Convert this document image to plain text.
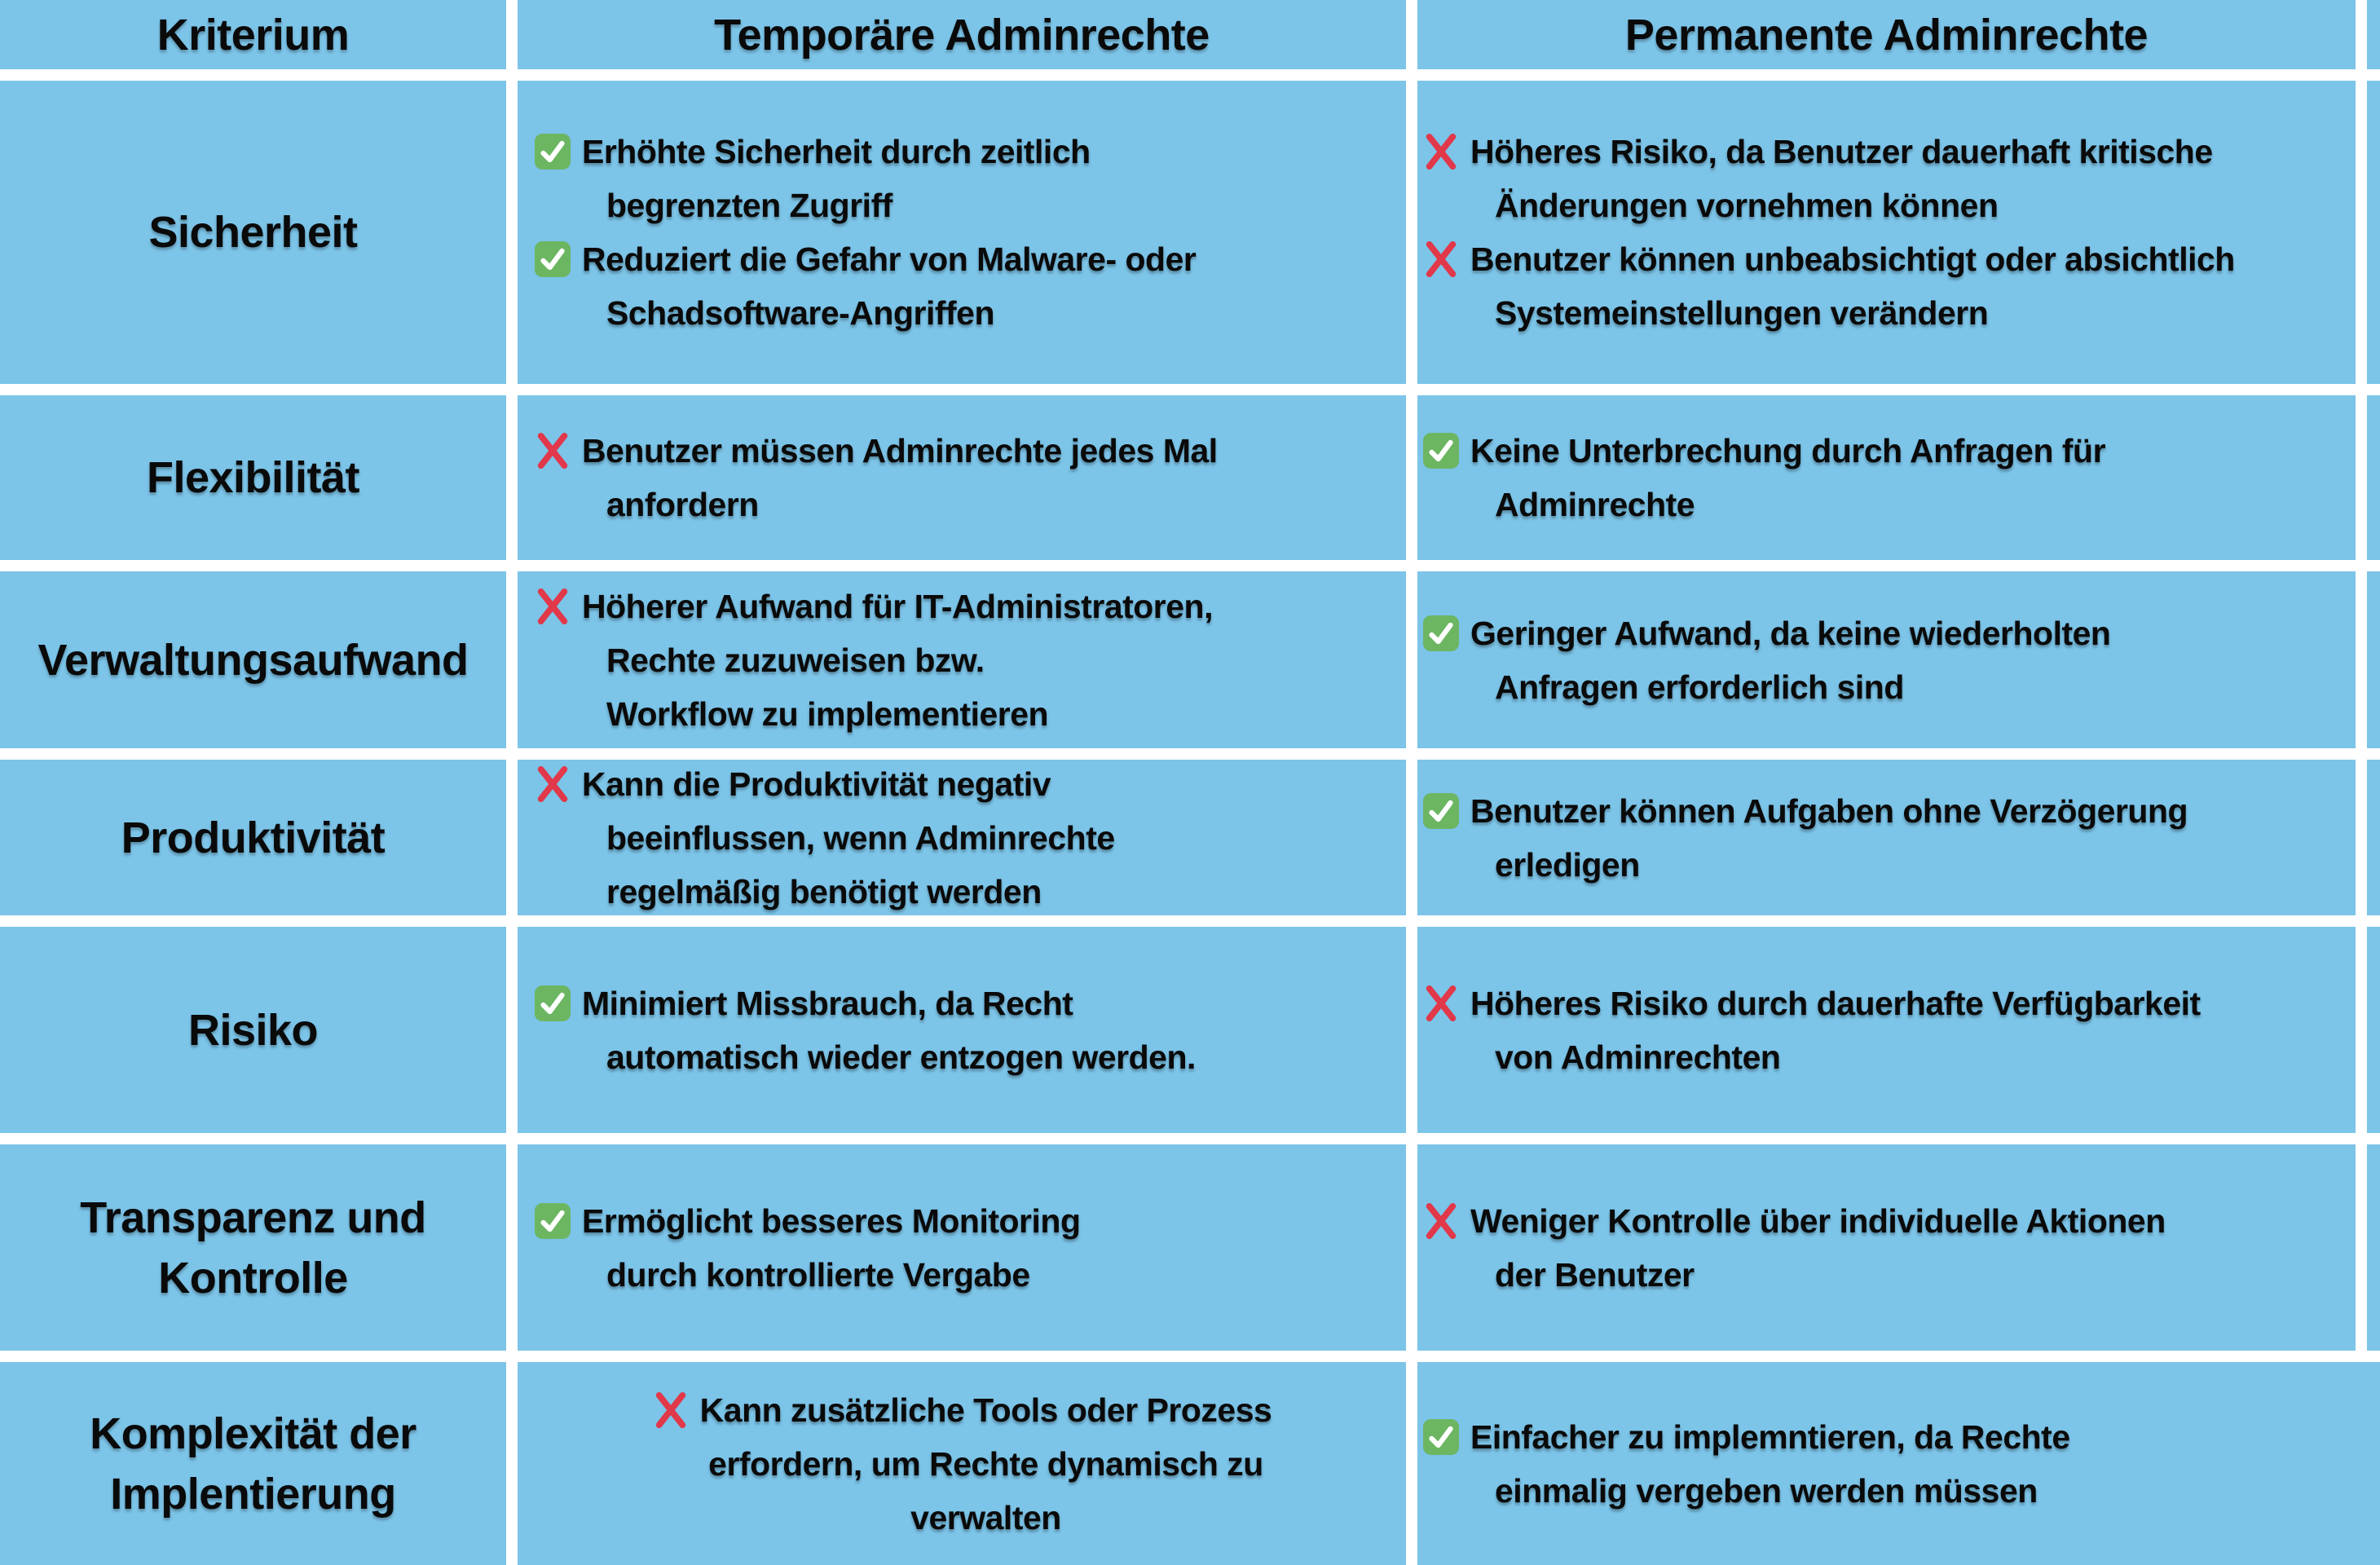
Kriterium	Temporäre Adminrechte	Permanente Adminrechte
Sicherheit
Erhöhte Sicherheit durch zeitlich
begrenzten Zugriff
Reduziert die Gefahr von Malware- oder
Schadsoftware-Angriffen
Höheres Risiko, da Benutzer dauerhaft kritische
Änderungen vornehmen können
Benutzer können unbeabsichtigt oder absichtlich
Systemeinstellungen verändern
Flexibilität
Benutzer müssen Adminrechte jedes Mal
anfordern
Keine Unterbrechung durch Anfragen für
Adminrechte
Verwaltungsaufwand
Höherer Aufwand für IT-Administratoren,
Rechte zuzuweisen bzw.
Workflow zu implementieren
Geringer Aufwand, da keine wiederholten
Anfragen erforderlich sind
Produktivität
Kann die Produktivität negativ
beeinflussen, wenn Adminrechte
regelmäßig benötigt werden
Benutzer können Aufgaben ohne Verzögerung
erledigen
Risiko
Minimiert Missbrauch, da Recht
automatisch wieder entzogen werden.
Höheres Risiko durch dauerhafte Verfügbarkeit
von Adminrechten
Transparenz und
Kontrolle
Ermöglicht besseres Monitoring
durch kontrollierte Vergabe
Weniger Kontrolle über individuelle Aktionen
der Benutzer
Komplexität der
Implentierung
Kann zusätzliche Tools oder Prozess
erfordern, um Rechte dynamisch zu
verwalten
Einfacher zu implemntieren, da Rechte
einmalig vergeben werden müssen
